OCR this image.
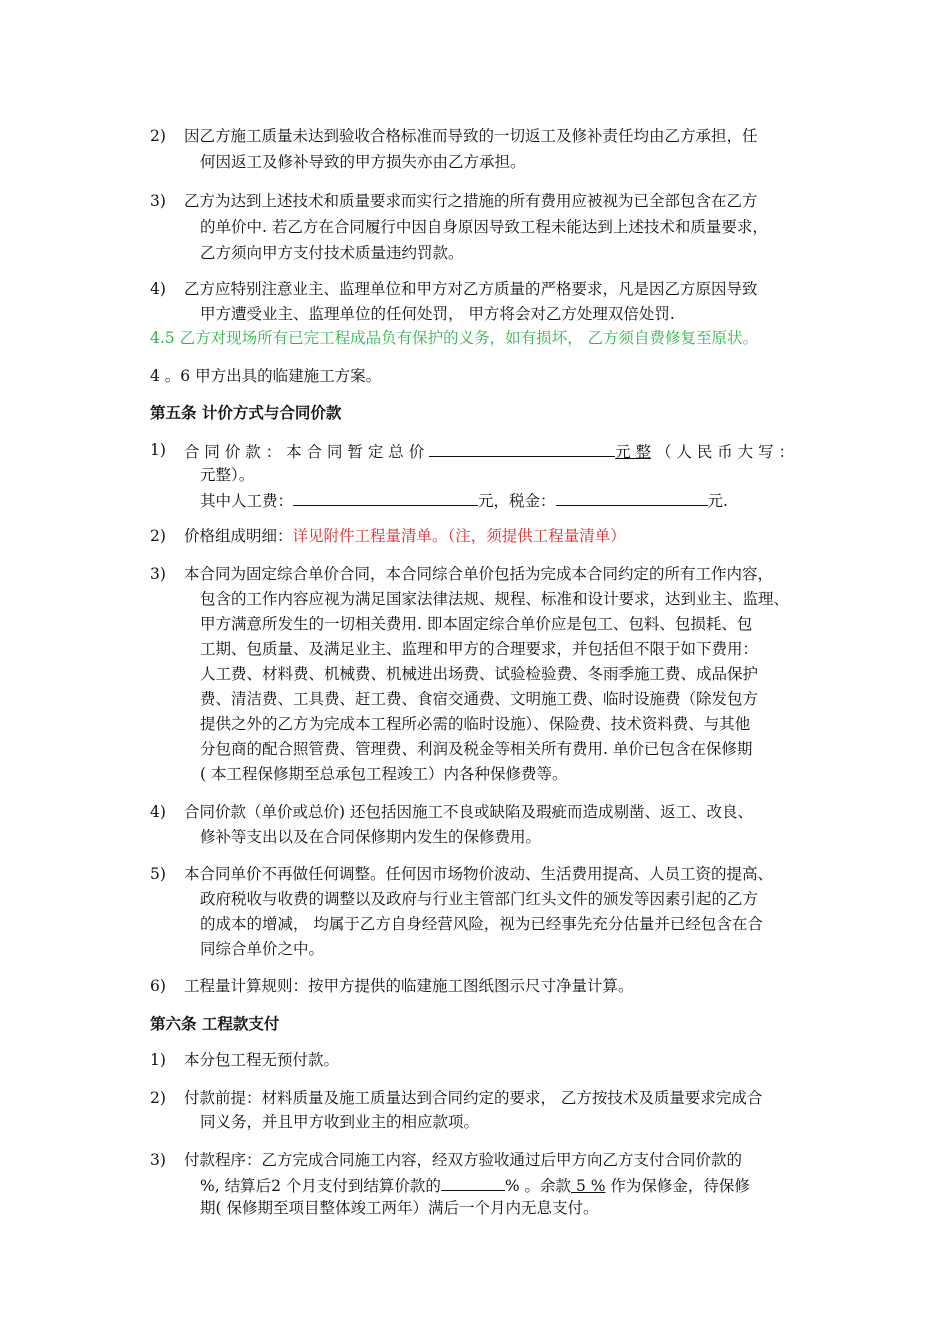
2) 因乙方施工质量未达到验收合格标准而导致的一切返工及修补责任均由乙方承担，任
何因返工及修补导致的甲方损失亦由乙方承担。
3) 乙方为达到上述技术和质量要求而实行之措施的所有费用应被视为已全部包含在乙方
的单价中. 若乙方在合同履行中因自身原因导致工程未能达到上述技术和质量要求，
乙方须向甲方支付技术质量违约罚款。
4) 乙方应特别注意业主、监理单位和甲方对乙方质量的严格要求，凡是因乙方原因导致
甲方遭受业主、监理单位的任何处罚， 甲方将会对乙方处理双倍处罚.
4.5 乙方对现场所有已完工程成品负有保护的义务，如有损坏， 乙方须自费修复至原状。
4 。6 甲方出具的临建施工方案。
第五条 计价方式与合同价款
1) 合 同 价 款 ： 本 合 同 暂 定 总 价	元 整 （ 人 民 币 大 写 ：
元整）。
其中人工费：	元，税金：	元.
2) 价格组成明细：详见附件工程量清单。（注，须提供工程量清单）
3) 本合同为固定综合单价合同，本合同综合单价包括为完成本合同约定的所有工作内容，
包含的工作内容应视为满足国家法律法规、规程、标准和设计要求，达到业主、监理、
甲方满意所发生的一切相关费用. 即本固定综合单价应是包工、包料、包损耗、包
工期、包质量、及满足业主、监理和甲方的合理要求，并包括但不限于如下费用：
人工费、材料费、机械费、机械进出场费、试验检验费、冬雨季施工费、成品保护
费、清洁费、工具费、赶工费、食宿交通费、文明施工费、临时设施费（除发包方
提供之外的乙方为完成本工程所必需的临时设施）、保险费、技术资料费、与其他
分包商的配合照管费、管理费、利润及税金等相关所有费用. 单价已包含在保修期
( 本工程保修期至总承包工程竣工）内各种保修费等。
4) 合同价款（单价或总价) 还包括因施工不良或缺陷及瑕疵而造成剔凿、返工、改良、
修补等支出以及在合同保修期内发生的保修费用。
5) 本合同单价不再做任何调整。任何因市场物价波动、生活费用提高、人员工资的提高、
政府税收与收费的调整以及政府与行业主管部门红头文件的颁发等因素引起的乙方
的成本的增减， 均属于乙方自身经营风险，视为已经事先充分估量并已经包含在合
同综合单价之中。
6) 工程量计算规则：按甲方提供的临建施工图纸图示尺寸净量计算。
第六条 工程款支付
1) 本分包工程无预付款。
2) 付款前提：材料质量及施工质量达到合同约定的要求， 乙方按技术及质量要求完成合
同义务，并且甲方收到业主的相应款项。
3) 付款程序：乙方完成合同施工内容，经双方验收通过后甲方向乙方支付合同价款的
%, 结算后2 个月支付到结算价款的	% 。余款 5 % 作为保修金，待保修
期( 保修期至项目整体竣工两年）满后一个月内无息支付。
